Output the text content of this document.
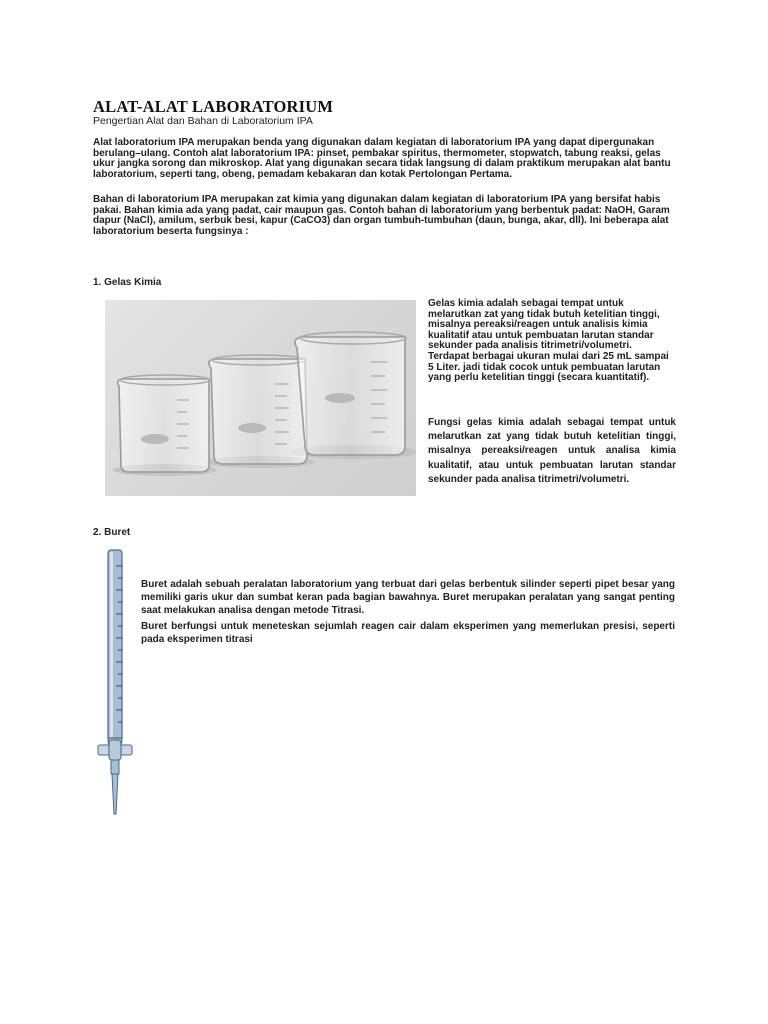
ALAT-ALAT LABORATORIUM
Pengertian Alat dan Bahan di Laboratorium IPA
Alat laboratorium IPA merupakan benda yang digunakan dalam kegiatan di laboratorium IPA yang dapat dipergunakan berulang–ulang. Contoh alat laboratorium IPA: pinset, pembakar spiritus, thermometer, stopwatch, tabung reaksi, gelas ukur jangka sorong dan mikroskop. Alat yang digunakan secara tidak langsung di dalam praktikum merupakan alat bantu laboratorium, seperti tang, obeng, pemadam kebakaran dan kotak Pertolongan Pertama.
Bahan di laboratorium IPA merupakan zat kimia yang digunakan dalam kegiatan di laboratorium IPA yang bersifat habis pakai. Bahan kimia ada yang padat, cair maupun gas. Contoh bahan di laboratorium yang berbentuk padat: NaOH, Garam dapur (NaCl), amilum, serbuk besi, kapur (CaCO3) dan organ tumbuh-tumbuhan (daun, bunga, akar, dll). Ini beberapa alat laboratorium beserta fungsinya :
1. Gelas Kimia
Gelas kimia adalah sebagai tempat untuk melarutkan zat yang tidak butuh ketelitian tinggi, misalnya pereaksi/reagen untuk analisis kimia kualitatif atau untuk pembuatan larutan standar sekunder pada analisis titrimetri/volumetri. Terdapat berbagai ukuran mulai dari 25 mL sampai 5 Liter. jadi tidak cocok untuk pembuatan larutan yang perlu ketelitian tinggi (secara kuantitatif).
Fungsi gelas kimia adalah sebagai tempat untuk melarutkan zat yang tidak butuh ketelitian tinggi, misalnya pereaksi/reagen untuk analisa kimia kualitatif, atau untuk pembuatan larutan standar sekunder pada analisa titrimetri/volumetri.
2. Buret
Buret adalah sebuah peralatan laboratorium yang terbuat dari gelas berbentuk silinder seperti pipet besar yang memiliki garis ukur dan sumbat keran pada bagian bawahnya. Buret merupakan peralatan yang sangat penting saat melakukan analisa dengan metode Titrasi.
Buret berfungsi untuk meneteskan sejumlah reagen cair dalam eksperimen yang memerlukan presisi, seperti pada eksperimen titrasi
